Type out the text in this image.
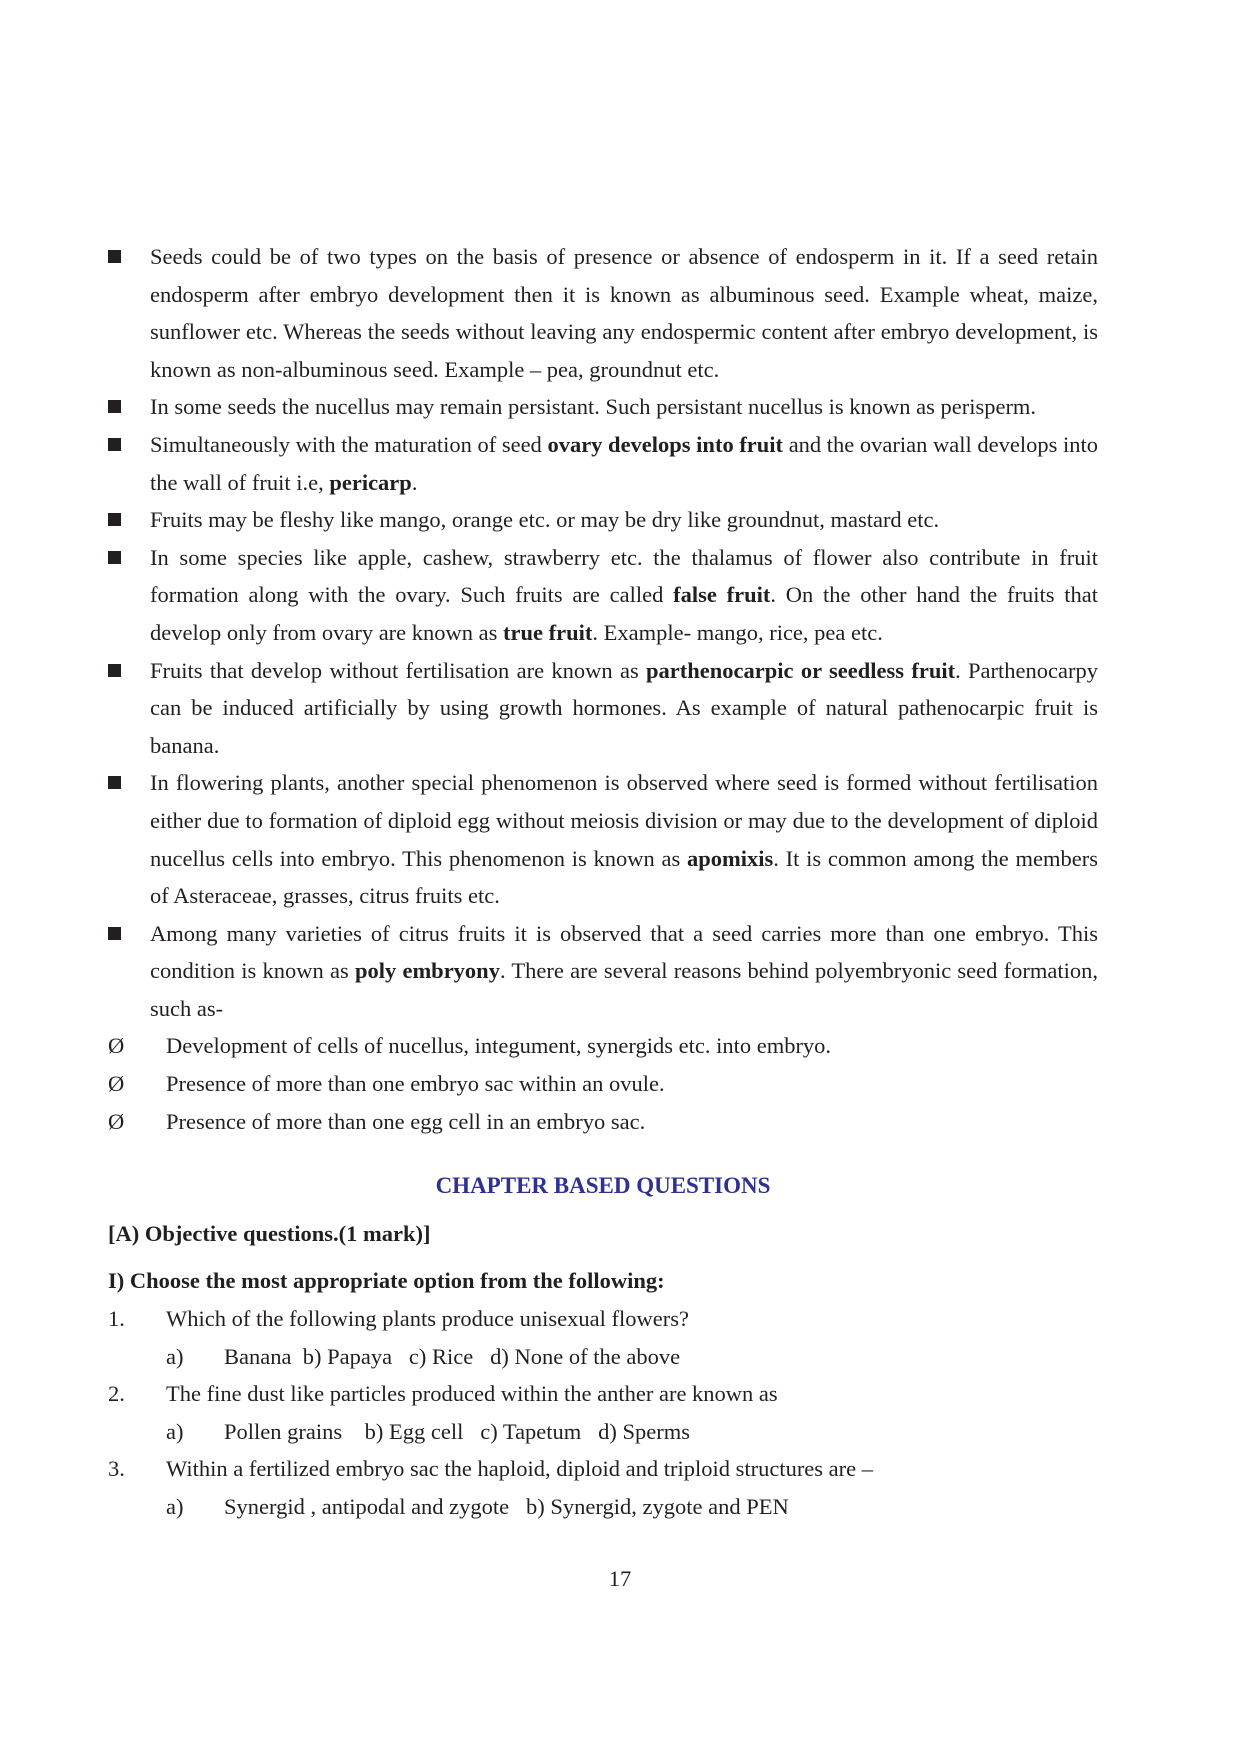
Seeds could be of two types on the basis of presence or absence of endosperm in it. If a seed retain endosperm after embryo development then it is known as albuminous seed. Example wheat, maize, sunflower etc. Whereas the seeds without leaving any endospermic content after embryo development, is known as non-albuminous seed. Example – pea, groundnut etc.
In some seeds the nucellus may remain persistant. Such persistant nucellus is known as perisperm.
Simultaneously with the maturation of seed ovary develops into fruit and the ovarian wall develops into the wall of fruit i.e, pericarp.
Fruits may be fleshy like mango, orange etc. or may be dry like groundnut, mastard etc.
In some species like apple, cashew, strawberry etc. the thalamus of flower also contribute in fruit formation along with the ovary. Such fruits are called false fruit. On the other hand the fruits that develop only from ovary are known as true fruit. Example- mango, rice, pea etc.
Fruits that develop without fertilisation are known as parthenocarpic or seedless fruit. Parthenocarpy can be induced artificially by using growth hormones. As example of natural pathenocarpic fruit is banana.
In flowering plants, another special phenomenon is observed where seed is formed without fertilisation either due to formation of diploid egg without meiosis division or may due to the development of diploid nucellus cells into embryo. This phenomenon is known as apomixis. It is common among the members of Asteraceae, grasses, citrus fruits etc.
Among many varieties of citrus fruits it is observed that a seed carries more than one embryo. This condition is known as poly embryony. There are several reasons behind polyembryonic seed formation, such as-
Ø Development of cells of nucellus, integument, synergids etc. into embryo.
Ø Presence of more than one embryo sac within an ovule.
Ø Presence of more than one egg cell in an embryo sac.
CHAPTER BASED QUESTIONS
[A) Objective questions.(1 mark)]
I) Choose the most appropriate option from the following:
1. Which of the following plants produce unisexual flowers?
a) Banana  b) Papaya   c) Rice   d) None of the above
2. The fine dust like particles produced within the anther are known as
a) Pollen grains    b) Egg cell   c) Tapetum   d) Sperms
3. Within a fertilized embryo sac the haploid, diploid and triploid structures are –
a) Synergid , antipodal and zygote   b) Synergid, zygote and PEN
17
